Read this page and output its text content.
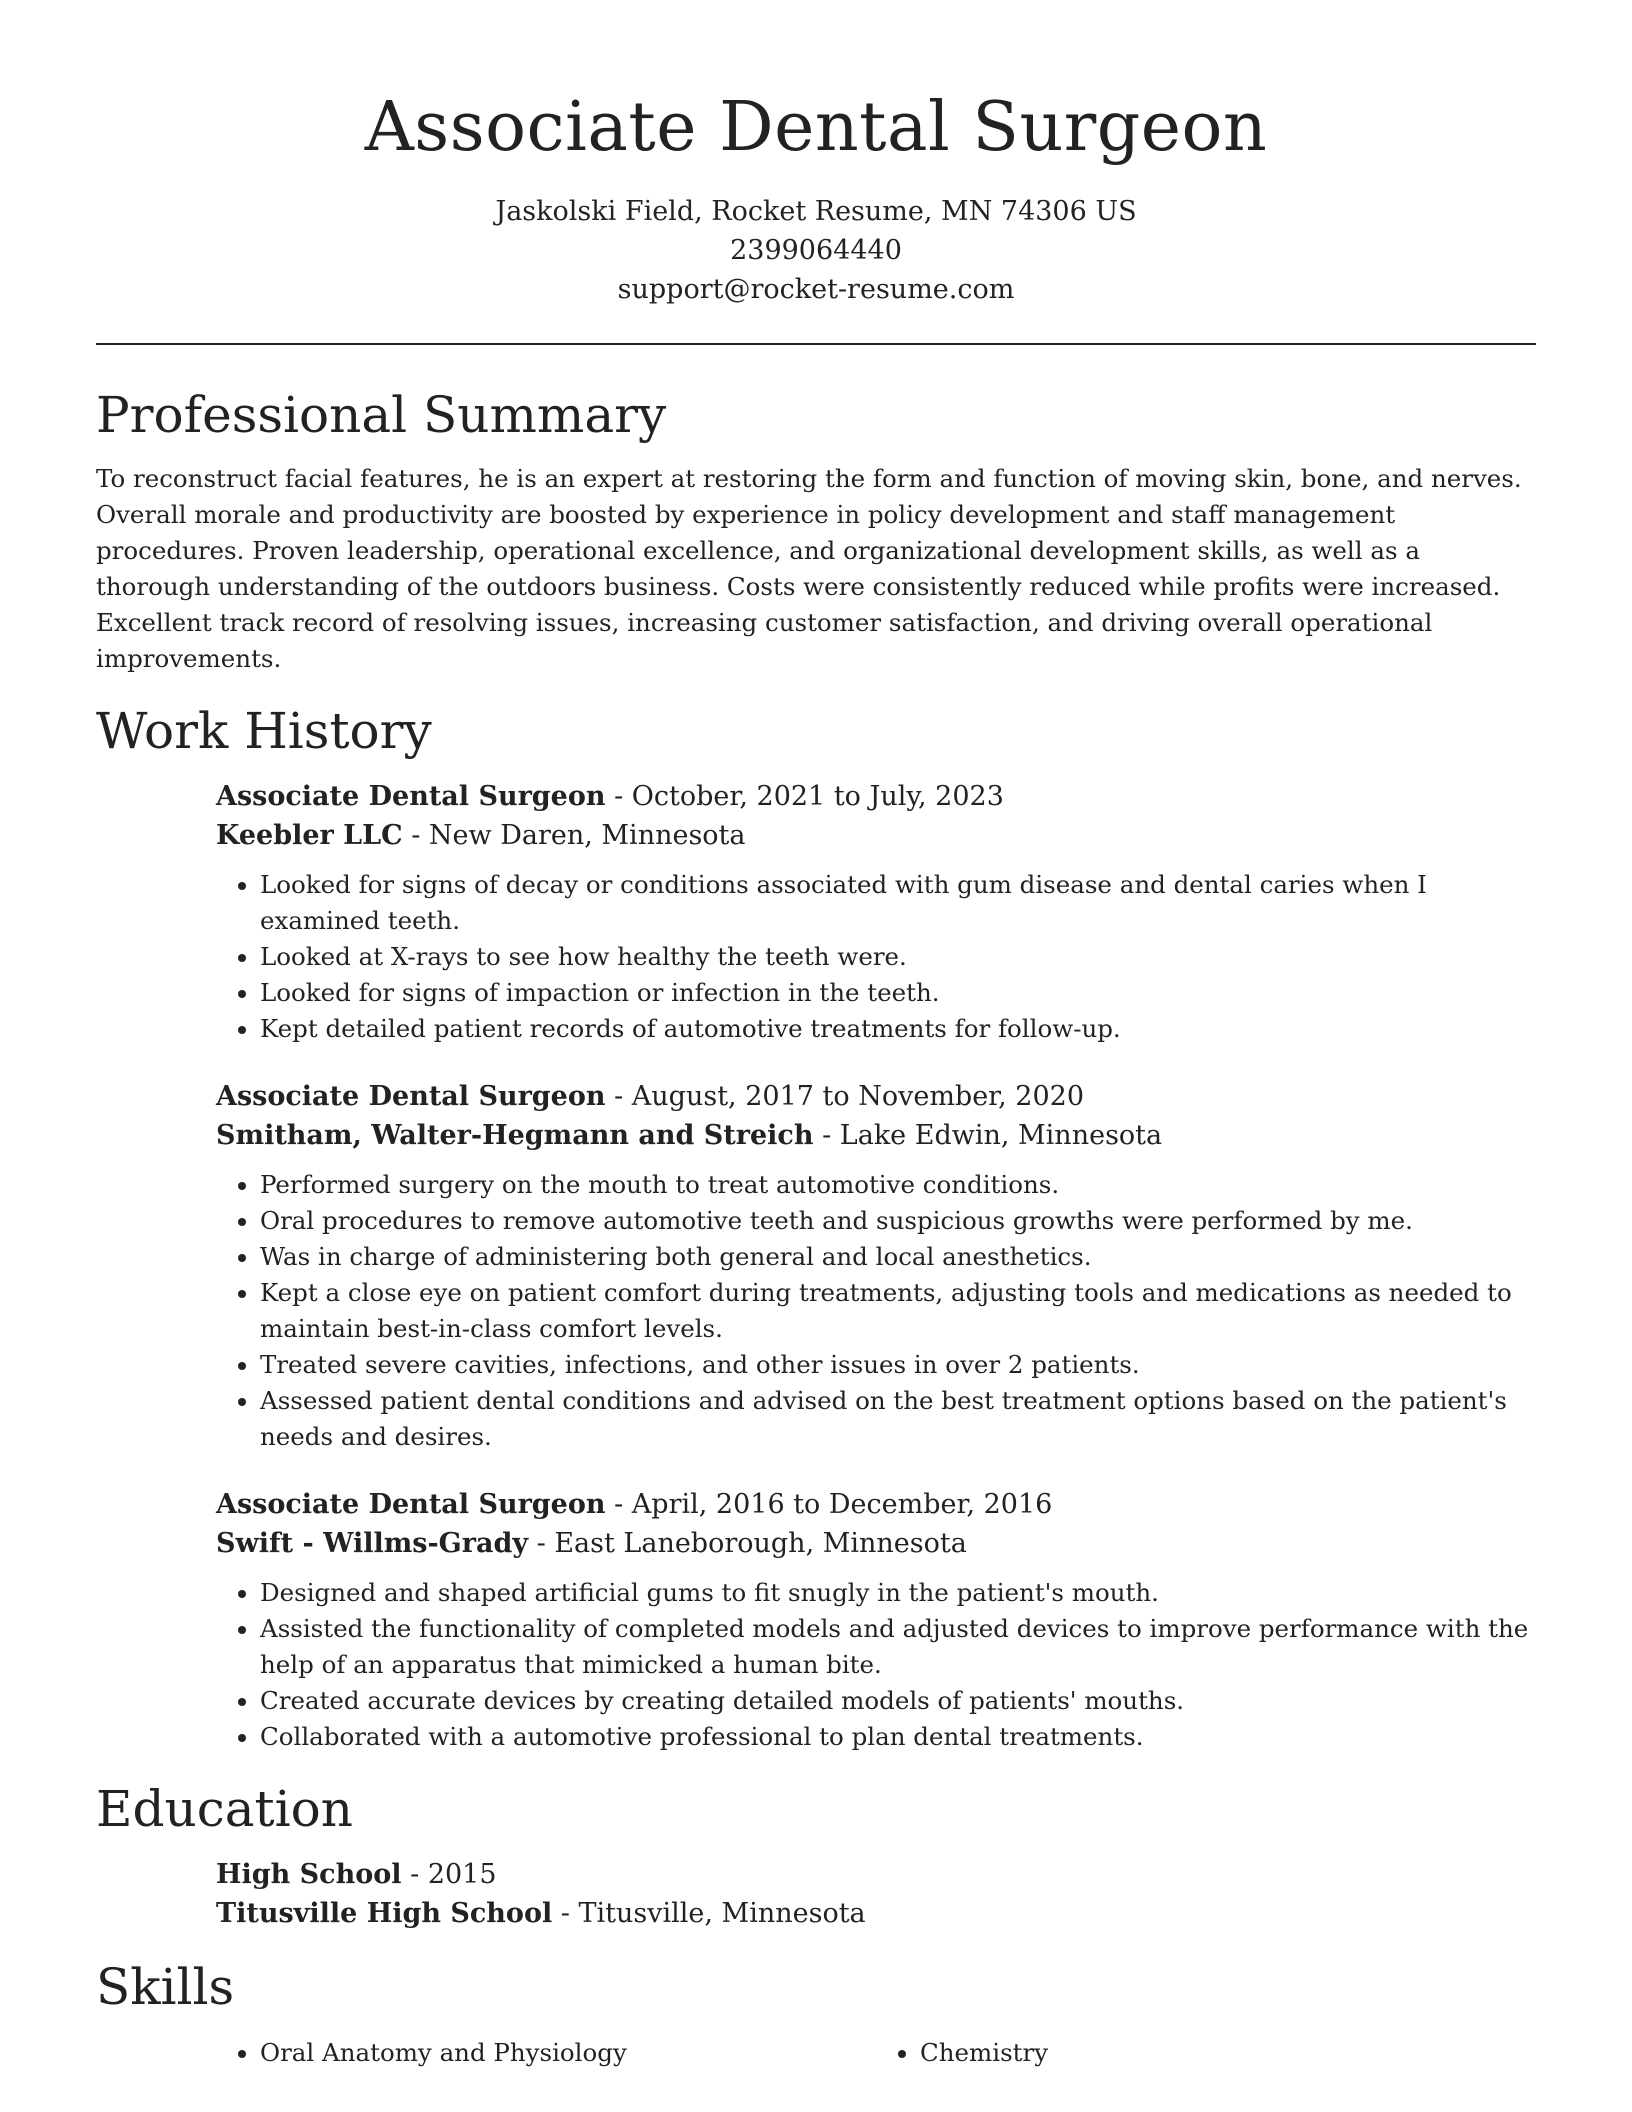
Associate Dental Surgeon
Jaskolski Field, Rocket Resume, MN 74306 US
2399064440
support@rocket-resume.com
Professional Summary

To reconstruct facial features, he is an expert at restoring the form and function of moving skin, bone, and nerves. Overall morale and productivity are boosted by experience in policy development and staff management procedures. Proven leadership, operational excellence, and organizational development skills, as well as a thorough understanding of the outdoors business. Costs were consistently reduced while profits were increased. Excellent track record of resolving issues, increasing customer satisfaction, and driving overall operational improvements.

Work History
Associate Dental Surgeon - October, 2021 to July, 2023
Keebler LLC - New Daren, Minnesota
• Looked for signs of decay or conditions associated with gum disease and dental caries when I examined teeth.
• Looked at X-rays to see how healthy the teeth were.
• Looked for signs of impaction or infection in the teeth.
• Kept detailed patient records of automotive treatments for follow-up.
Associate Dental Surgeon - August, 2017 to November, 2020
Smitham, Walter-Hegmann and Streich - Lake Edwin, Minnesota
• Performed surgery on the mouth to treat automotive conditions.
• Oral procedures to remove automotive teeth and suspicious growths were performed by me.
• Was in charge of administering both general and local anesthetics.
• Kept a close eye on patient comfort during treatments, adjusting tools and medications as needed to maintain best-in-class comfort levels.
• Treated severe cavities, infections, and other issues in over 2 patients.
• Assessed patient dental conditions and advised on the best treatment options based on the patient's needs and desires.
Associate Dental Surgeon - April, 2016 to December, 2016
Swift - Willms-Grady - East Laneborough, Minnesota
• Designed and shaped artificial gums to fit snugly in the patient's mouth.
• Assisted the functionality of completed models and adjusted devices to improve performance with the help of an apparatus that mimicked a human bite.
• Created accurate devices by creating detailed models of patients' mouths.
• Collaborated with a automotive professional to plan dental treatments.
Education
High School - 2015
Titusville High School - Titusville, Minnesota
Skills
• Oral Anatomy and Physiology
•	Chemistry
